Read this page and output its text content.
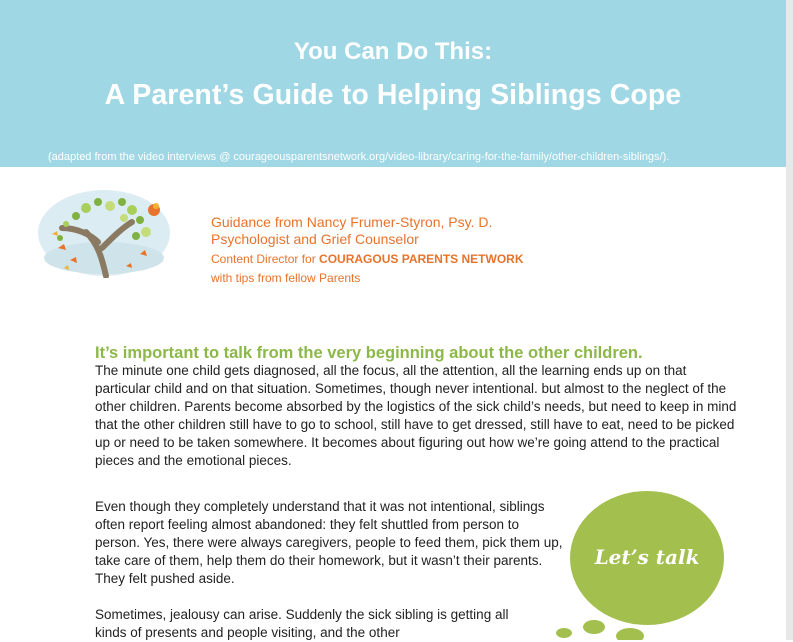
You Can Do This:
A Parent’s Guide to Helping Siblings Cope
(adapted from the video interviews @ courageousparentsnetwork.org/video-library/caring-for-the-family/other-children-siblings/).
Guidance from Nancy Frumer-Styron, Psy. D. Psychologist and Grief Counselor
Content Director for COURAGOUS PARENTS NETWORK
with tips from fellow Parents
It’s important to talk from the very beginning about the other children.
The minute one child gets diagnosed, all the focus, all the attention, all the learning ends up on that particular child and on that situation. Sometimes, though never intentional. but almost to the neglect of the other children. Parents become absorbed by the logistics of the sick child’s needs, but need to keep in mind that the other children still have to go to school, still have to get dressed, still have to eat, need to be picked up or need to be taken somewhere. It becomes about figuring out how we’re going attend to the practical pieces and the emotional pieces.
Even though they completely understand that it was not intentional, siblings often report feeling almost abandoned: they felt shuttled from person to person. Yes, there were always caregivers, people to feed them, pick them up, take care of them, help them do their homework, but it wasn’t their parents. They felt pushed aside.
Sometimes, jealousy can arise. Suddenly the sick sibling is getting all kinds of presents and people visiting, and the other
Let’s talk
